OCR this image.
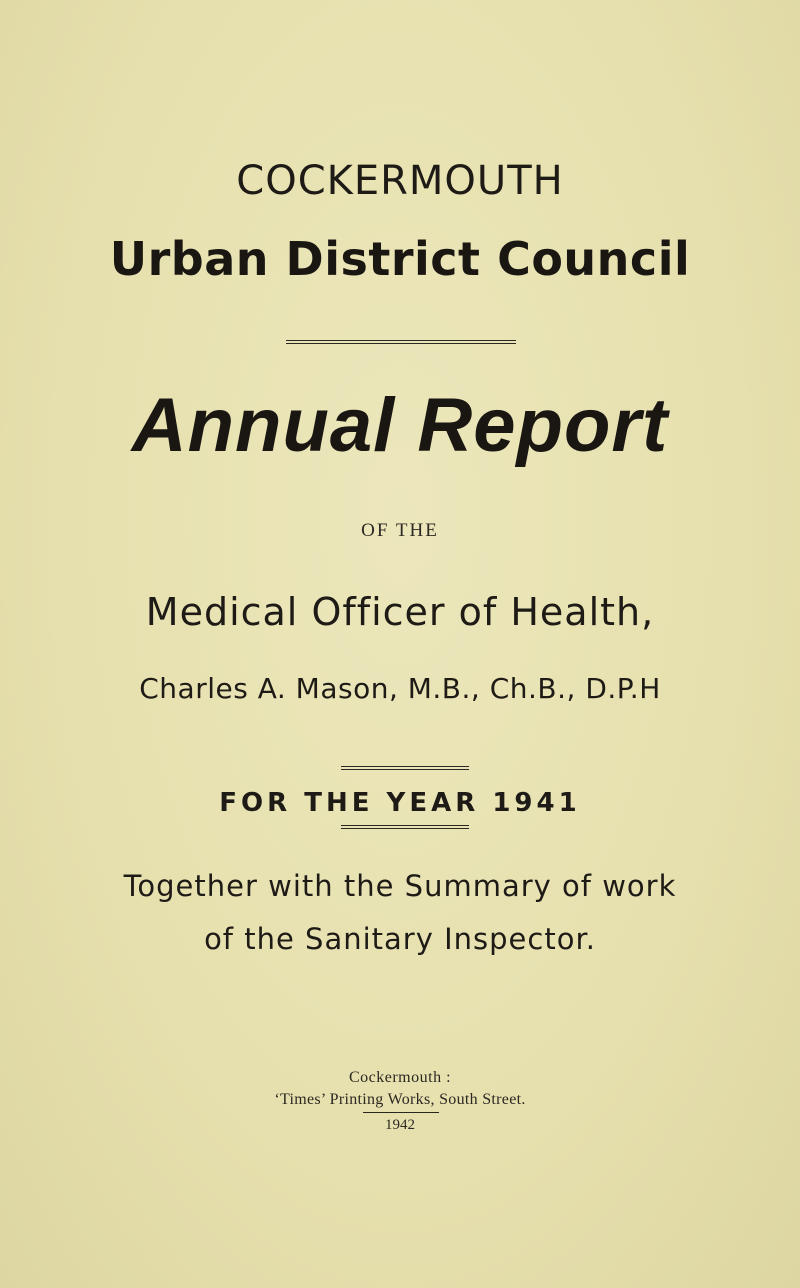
COCKERMOUTH
Urban District Council
Annual Report
OF THE
Medical Officer of Health,
Charles A. Mason, M.B., Ch.B., D.P.H
FOR THE YEAR 1941
Together with the Summary of work
of the Sanitary Inspector.
Cockermouth :
‘Times’ Printing Works, South Street.
1942
